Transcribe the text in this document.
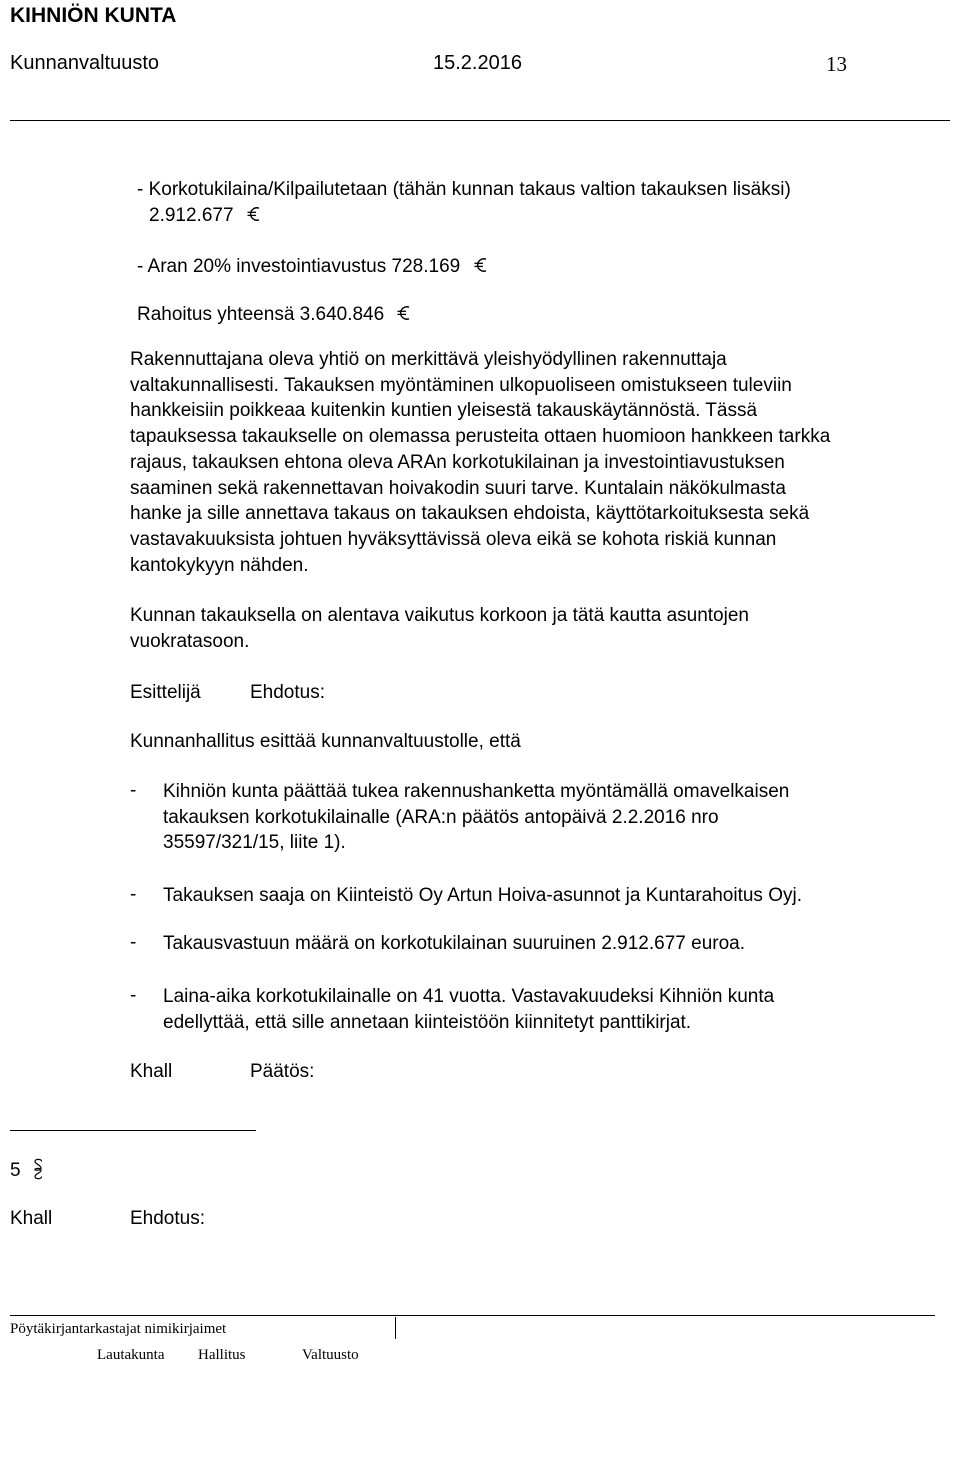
KIHNIÖN KUNTA
Kunnanvaltuusto	15.2.2016	13
- Korkotukilaina/Kilpailutetaan (tähän kunnan takaus valtion takauksen lisäksi)
2.912.677
- Aran 20% investointiavustus 728.169
Rahoitus yhteensä 3.640.846
Rakennuttajana oleva yhtiö on merkittävä yleishyödyllinen rakennuttaja
valtakunnallisesti. Takauksen myöntäminen ulkopuoliseen omistukseen tuleviin
hankkeisiin poikkeaa kuitenkin kuntien yleisestä takauskäytännöstä. Tässä
tapauksessa takaukselle on olemassa perusteita ottaen huomioon hankkeen tarkka
rajaus, takauksen ehtona oleva ARAn korkotukilainan ja investointiavustuksen
saaminen sekä rakennettavan hoivakodin suuri tarve. Kuntalain näkökulmasta
hanke ja sille annettava takaus on takauksen ehdoista, käyttötarkoituksesta sekä
vastavakuuksista johtuen hyväksyttävissä oleva eikä se kohota riskiä kunnan
kantokykyyn nähden.
Kunnan takauksella on alentava vaikutus korkoon ja tätä kautta asuntojen
vuokratasoon.
Esittelijä	Ehdotus:
Kunnanhallitus esittää kunnanvaltuustolle, että
- Kihniön kunta päättää tukea rakennushanketta myöntämällä omavelkaisen
takauksen korkotukilainalle (ARA:n päätös antopäivä 2.2.2016 nro
35597/321/15, liite 1).
- Takauksen saaja on Kiinteistö Oy Artun Hoiva-asunnot ja Kuntarahoitus Oyj.
- Takausvastuun määrä on korkotukilainan suuruinen 2.912.677 euroa.
- Laina-aika korkotukilainalle on 41 vuotta. Vastavakuudeksi Kihniön kunta
edellyttää, että sille annetaan kiinteistöön kiinnitetyt panttikirjat.
Khall	Päätös:
5
Khall	Ehdotus:
Pöytäkirjantarkastajat nimikirjaimet
Lautakunta Hallitus	Valtuusto
